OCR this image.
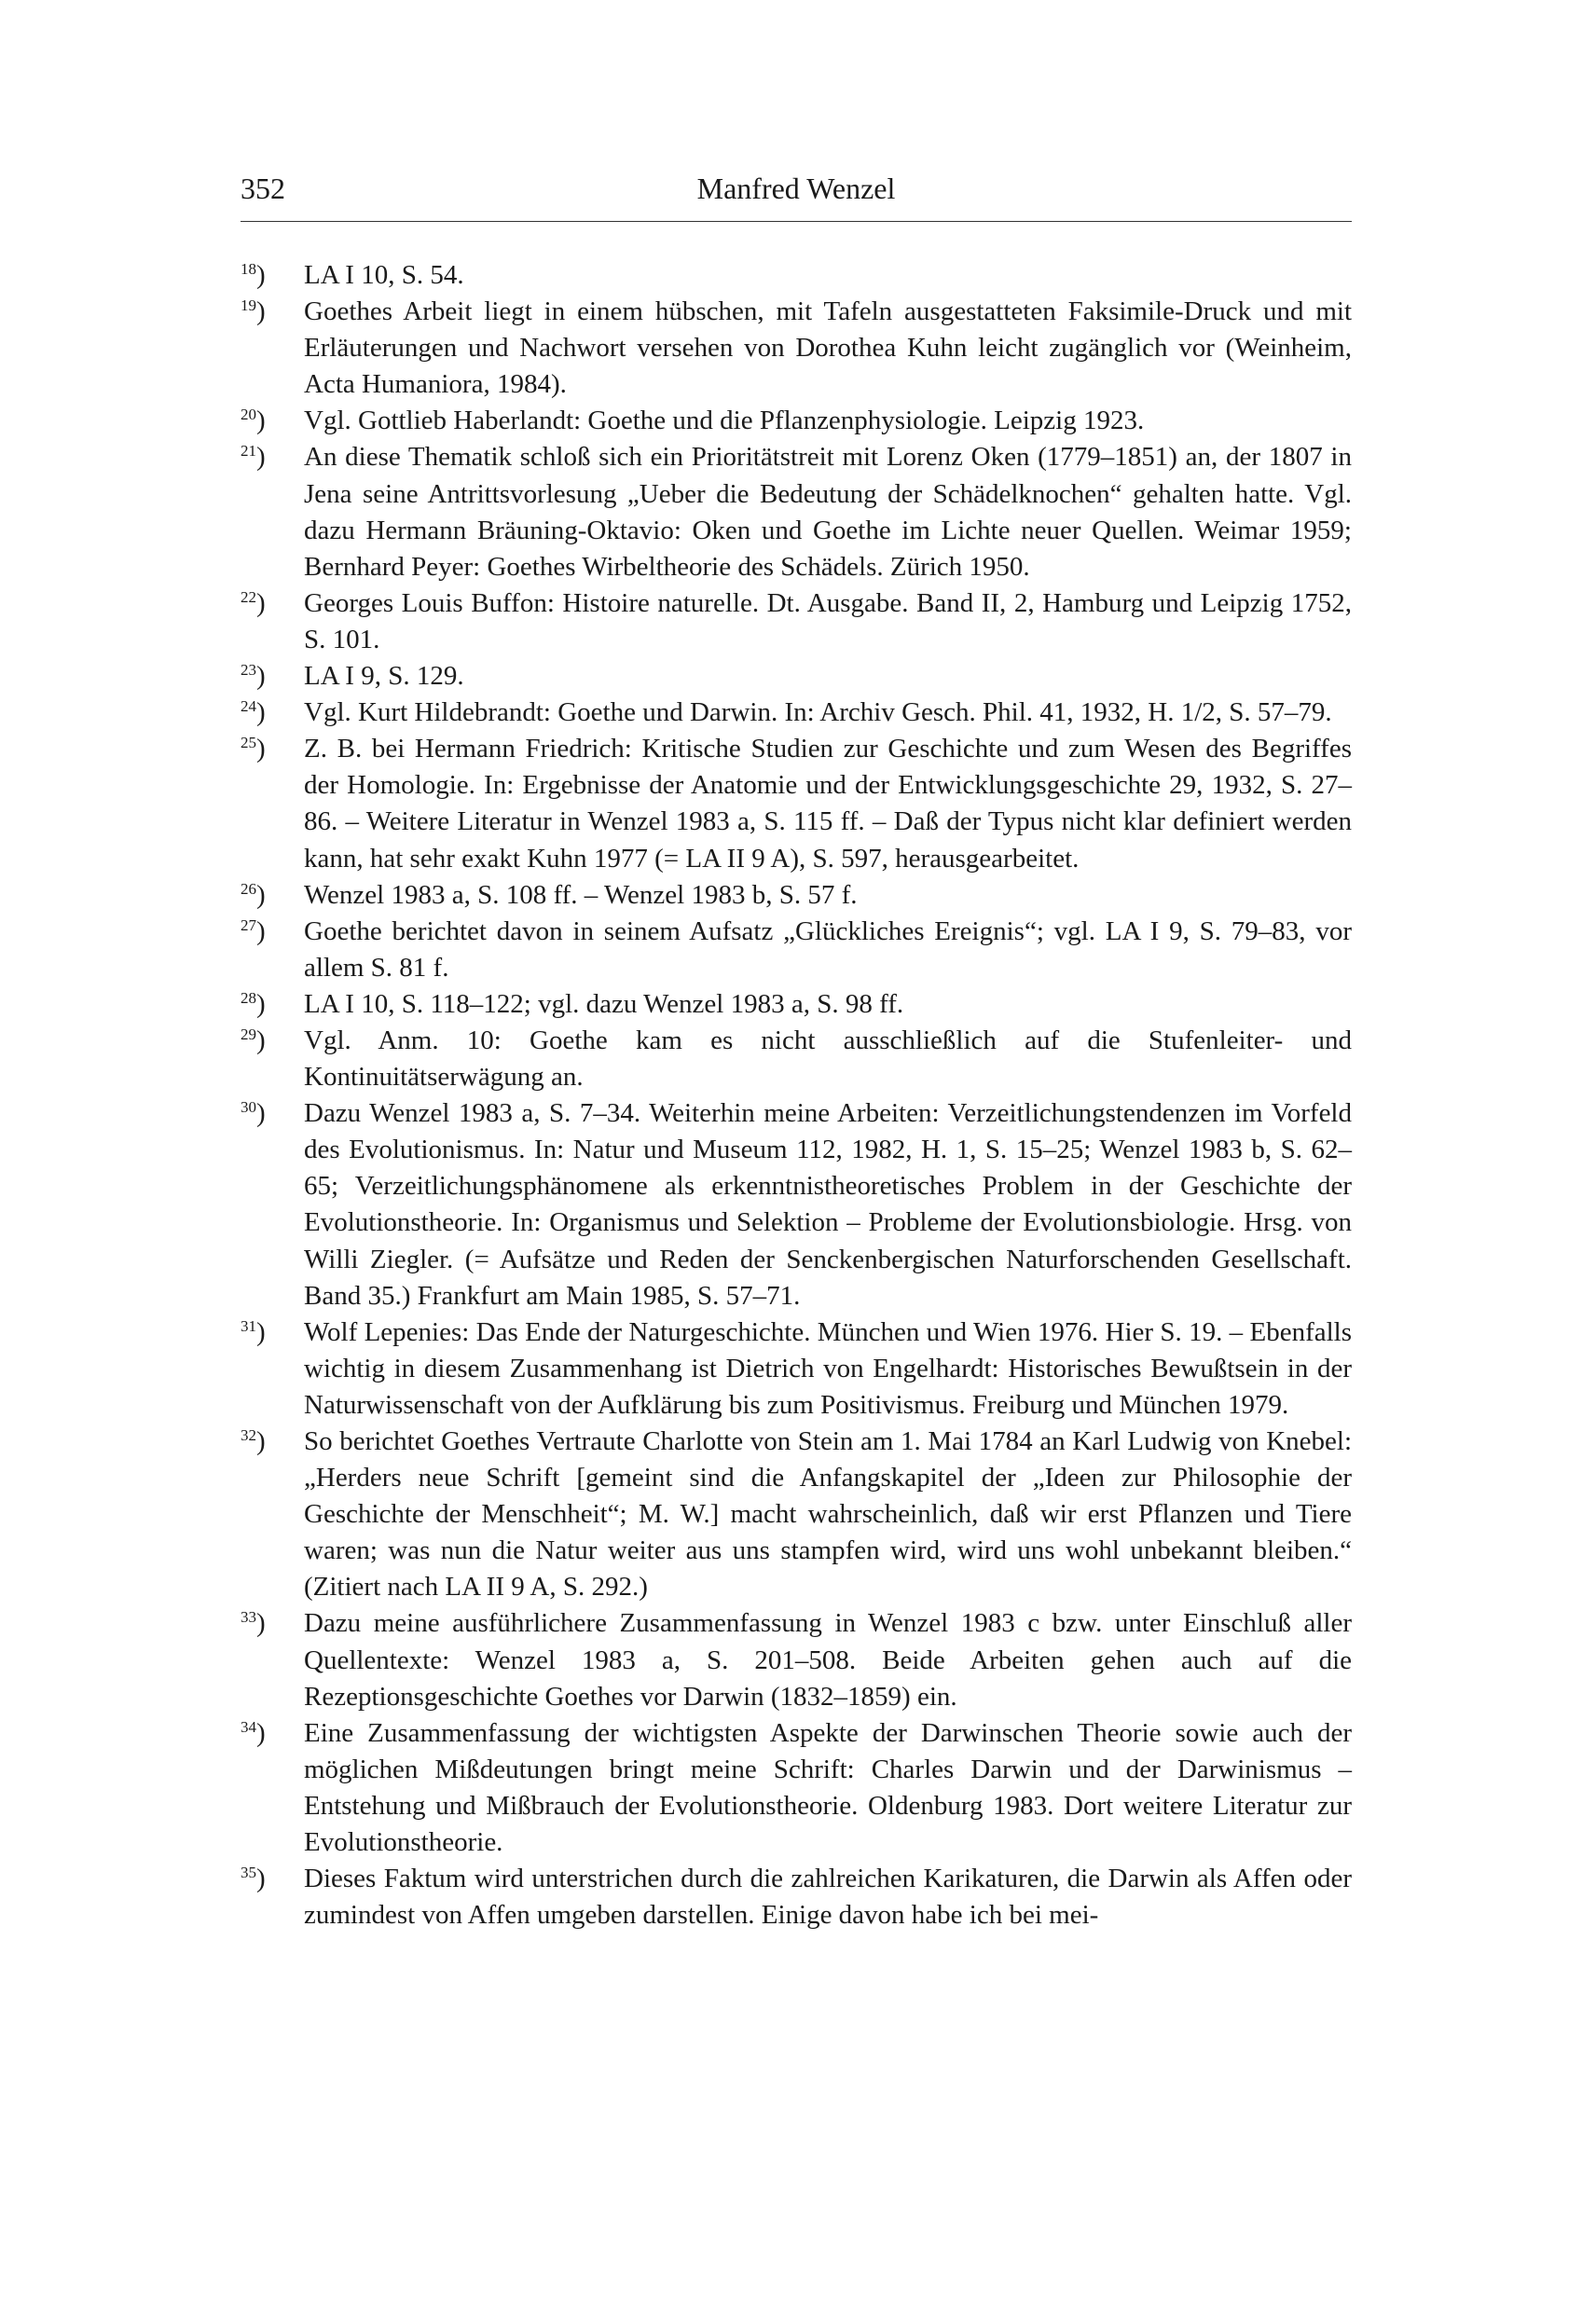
352	Manfred Wenzel
$^{18}$) LA I 10, S. 54.
$^{19}$) Goethes Arbeit liegt in einem hübschen, mit Tafeln ausgestatteten Faksimile-Druck und mit Erläuterungen und Nachwort versehen von Dorothea Kuhn leicht zugänglich vor (Weinheim, Acta Humaniora, 1984).
$^{20}$) Vgl. Gottlieb Haberlandt: Goethe und die Pflanzenphysiologie. Leipzig 1923.
$^{21}$) An diese Thematik schloß sich ein Prioritätstreit mit Lorenz Oken (1779–1851) an, der 1807 in Jena seine Antrittsvorlesung „Ueber die Bedeutung der Schädelknochen“ gehalten hatte. Vgl. dazu Hermann Bräuning-Oktavio: Oken und Goethe im Lichte neuer Quellen. Weimar 1959; Bernhard Peyer: Goethes Wirbeltheorie des Schädels. Zürich 1950.
$^{22}$) Georges Louis Buffon: Histoire naturelle. Dt. Ausgabe. Band II, 2, Hamburg und Leipzig 1752, S. 101.
$^{23}$) LA I 9, S. 129.
$^{24}$) Vgl. Kurt Hildebrandt: Goethe und Darwin. In: Archiv Gesch. Phil. 41, 1932, H. 1/2, S. 57–79.
$^{25}$) Z. B. bei Hermann Friedrich: Kritische Studien zur Geschichte und zum Wesen des Begriffes der Homologie. In: Ergebnisse der Anatomie und der Entwicklungsgeschichte 29, 1932, S. 27–86. – Weitere Literatur in Wenzel 1983 a, S. 115 ff. – Daß der Typus nicht klar definiert werden kann, hat sehr exakt Kuhn 1977 (= LA II 9 A), S. 597, herausgearbeitet.
$^{26}$) Wenzel 1983 a, S. 108 ff. – Wenzel 1983 b, S. 57 f.
$^{27}$) Goethe berichtet davon in seinem Aufsatz „Glückliches Ereignis“; vgl. LA I 9, S. 79–83, vor allem S. 81 f.
$^{28}$) LA I 10, S. 118–122; vgl. dazu Wenzel 1983 a, S. 98 ff.
$^{29}$) Vgl. Anm. 10: Goethe kam es nicht ausschließlich auf die Stufenleiter- und Kontinuitätserwägung an.
$^{30}$) Dazu Wenzel 1983 a, S. 7–34. Weiterhin meine Arbeiten: Verzeitlichungstendenzen im Vorfeld des Evolutionismus. In: Natur und Museum 112, 1982, H. 1, S. 15–25; Wenzel 1983 b, S. 62–65; Verzeitlichungsphänomene als erkenntnistheoretisches Problem in der Geschichte der Evolutionstheorie. In: Organismus und Selektion – Probleme der Evolutionsbiologie. Hrsg. von Willi Ziegler. (= Aufsätze und Reden der Senckenbergischen Naturforschenden Gesellschaft. Band 35.) Frankfurt am Main 1985, S. 57–71.
$^{31}$) Wolf Lepenies: Das Ende der Naturgeschichte. München und Wien 1976. Hier S. 19. – Ebenfalls wichtig in diesem Zusammenhang ist Dietrich von Engelhardt: Historisches Bewußtsein in der Naturwissenschaft von der Aufklärung bis zum Positivismus. Freiburg und München 1979.
$^{32}$) So berichtet Goethes Vertraute Charlotte von Stein am 1. Mai 1784 an Karl Ludwig von Knebel: „Herders neue Schrift [gemeint sind die Anfangskapitel der „Ideen zur Philosophie der Geschichte der Menschheit“; M. W.] macht wahrscheinlich, daß wir erst Pflanzen und Tiere waren; was nun die Natur weiter aus uns stampfen wird, wird uns wohl unbekannt bleiben.“ (Zitiert nach LA II 9 A, S. 292.)
$^{33}$) Dazu meine ausführlichere Zusammenfassung in Wenzel 1983 c bzw. unter Einschluß aller Quellentexte: Wenzel 1983 a, S. 201–508. Beide Arbeiten gehen auch auf die Rezeptionsgeschichte Goethes vor Darwin (1832–1859) ein.
$^{34}$) Eine Zusammenfassung der wichtigsten Aspekte der Darwinschen Theorie sowie auch der möglichen Mißdeutungen bringt meine Schrift: Charles Darwin und der Darwinismus – Entstehung und Mißbrauch der Evolutionstheorie. Oldenburg 1983. Dort weitere Literatur zur Evolutionstheorie.
$^{35}$) Dieses Faktum wird unterstrichen durch die zahlreichen Karikaturen, die Darwin als Affen oder zumindest von Affen umgeben darstellen. Einige davon habe ich bei mei-
